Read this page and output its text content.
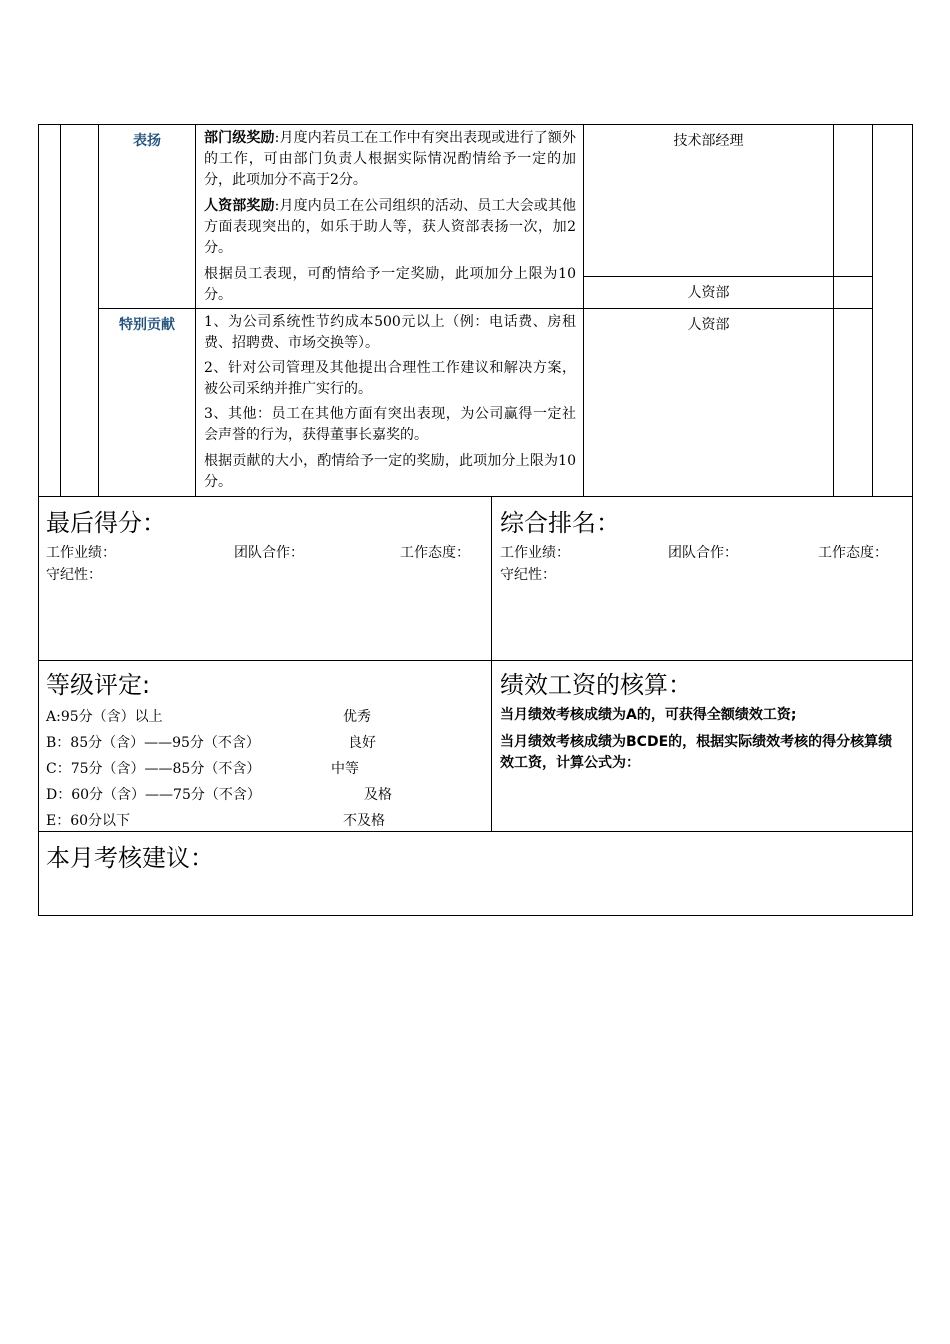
表扬	部门级奖励:月度内若员工在工作中有突出表现或进行了额外的工作，可由部门负责人根据实际情况酌情给予一定的加分，此项加分不高于2分。
人资部奖励:月度内员工在公司组织的活动、员工大会或其他方面表现突出的，如乐于助人等，获人资部表扬一次，加2分。
根据员工表现，可酌情给予一定奖励，此项加分上限为10分。
技术部经理
人资部
特别贡献	1、为公司系统性节约成本500元以上（例：电话费、房租费、招聘费、市场交换等）。
2、针对公司管理及其他提出合理性工作建议和解决方案，被公司采纳并推广实行的。
3、其他：员工在其他方面有突出表现，为公司赢得一定社会声誉的行为，获得董事长嘉奖的。
根据贡献的大小，酌情给予一定的奖励，此项加分上限为10分。
人资部
最后得分：
工作业绩：	团队合作：	工作态度：
守纪性：
综合排名：
工作业绩：	团队合作：	工作态度：
守纪性：
等级评定:
A:95分（含）以上	优秀
B：85分（含）——95分（不含）	良好
C：75分（含）——85分（不含）	中等
D：60分（含）——75分（不含）	及格
E：60分以下	不及格
绩效工资的核算：
当月绩效考核成绩为A的，可获得全额绩效工资;
当月绩效考核成绩为BCDE的，根据实际绩效考核的得分核算绩效工资，计算公式为：
本月考核建议：
